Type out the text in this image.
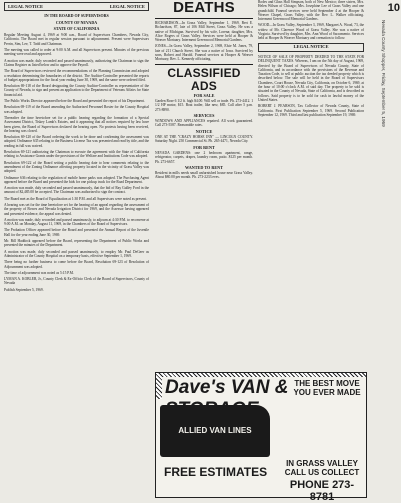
LEGAL NOTICE	LEGAL NOTICE
IN THE BOARD OF SUPERVISORS
COUNTY OF NEVADA
STATE OF CALIFORNIA

Regular Meeting August 4, 1969 at 9:00 a.m., Board of Supervisors Chambers, Nevada City, California. The Board met in regular session pursuant to adjournment. Present were Supervisors Perrin, Sim, Lee, T. Todd and Chairman.

The meeting was called to order at 9:00 A.M. and all Supervisors present. Minutes of the previous meeting were read and approved.

A motion was made, duly seconded and passed unanimously, authorizing the Chairman to sign the Claims Register as listed below and to approve the Payroll.

The Board of Supervisors reviewed the recommendations of the Planning Commission and adopted a resolution determining the boundaries of the district. The Auditor-Controller presented the reports of budget appropriations for the fiscal year ending June 30, 1969, and the same were ordered filed.

Resolution 69-118 of the Board designating the County Auditor-Controller as representative of the County of Nevada, to sign and present an application to the Department of Veterans Affairs for State financial aid.

The Public Works Director appeared before the Board and presented the report of his Department.

Resolution 69-119 of the Board amending the Authorized Personnel Roster for the County Hospital was adopted.

Thereafter the time heretofore set for a public hearing regarding the formation of a Special Assessment District, Tiskey Lamb's Estates, and it appearing that all notices required by law have been given, the Board of Supervisors declared the hearing open. No protests having been received, the hearing was closed.

Resolution 69-120 of the Board ordering the work to be done and confirming the assessment was adopted. Ordinance 635 relating to the Business License Tax was presented and read by title, and the reading in full was waived.

Resolution 69-121 authorizing the Chairman to execute the agreement with the State of California relating to Assistance Grants under the provisions of the Welfare and Institutions Code was adopted.

Resolution 69-122 of the Board setting a public hearing date to hear comments relating to the amendment of the Zoning Ordinance affecting property located in the vicinity of Grass Valley was adopted.

Ordinance 636 relating to the regulation of mobile home parks was adopted. The Purchasing Agent appeared before the Board and presented the bids for one pickup truck for the Road Department.

A motion was made, duly seconded and passed unanimously, that the bid of Ray Gulley Ford in the amount of $2,485.00 be accepted. The Chairman was authorized to sign the contract.

The Board met as the Board of Equalization at 1:30 P.M. and all Supervisors were noted as present.

A hearing was set for the time heretofore set for the hearing of an appeal regarding the assessment of the property of Bowes and Nevada Irrigation District for 1969, and the Assessor having appeared and presented evidence, the appeal was denied.

A motion was made, duly seconded and passed unanimously, to adjourn at 4:30 P.M. to reconvene at 9:00 A.M. on Monday, August 11, 1969, in the Chambers of the Board of Supervisors.

The Probation Officer appeared before the Board and presented the Annual Report of the Juvenile Hall for the year ending June 30, 1969.

Mr. Bill Haddock appeared before the Board, representing the Department of Public Works and presented the minutes of the Department.

A motion was made, duly seconded and passed unanimously, to employ Mr. Paul DeGeer as Administrator of the County Hospital on a temporary basis, effective September 1, 1969.

There being no further business to come before the Board, Resolution 69-123 of Resolution of Adjournment was adopted.

The time of adjournment was noted as 5:15 P.M.

LYMAN A. KOBLER, Jr., County Clerk & Ex-Officio Clerk of the Board of Supervisors, County of Nevada

Publish September 5, 1969.

DEATHS

RICHARDSON—In Grass Valley, September 1, 1969, Bert E. Richardson, 87, late of 106 Mill Street, Grass Valley. He was a native of Michigan. Survived by his wife, Lorena; daughter, Mrs. Alice Rogers of Grass Valley. Services were held at Hooper & Weaver Mortuary. Interment Greenwood Memorial Gardens.

JONES—In Grass Valley, September 2, 1969, Elsie M. Jones, 79, late of 211 Church Street. She was a native of Iowa. Survived by sons, Robert and Harold. Funeral services at Hooper & Weaver Mortuary, Rev. L. Kennedy officiating.

CLASSIFIED ADS
FOR SALE

Garden Rose 6 1/2 ft. high $4.00. Will sell or trade. Ph. 273-4412. 1 1/2 HP motor, $15. Boat trailer, like new, $85. Call after 5 p.m. 273-8890.

SERVICES

WINDOWS AND APPLIANCES repaired. All work guaranteed. Call 273-5587. Reasonable rates.

NOTICE

ONE AT THE "CRAZY HORSE INN" — LINCOLN COUNTY. Saturday Night. 250 Commercial St. Ph. 265-4471, Nevada City.

FOR RENT

NEVADA GARDENS: one 2 bedroom apartment, range, refrigerator, carpets, drapes, laundry room, patio. $125 per month. Ph. 273-6657.

WANTED TO RENT

Resident in mills needs small unfurnished house near Grass Valley. About $80.00 per month. Ph. 273-2233 eves.

Rodes and Glass Hall Simpson, both of New Mexico; three sisters, Mrs. Helen Wilson of Chicago; Mrs. Josephine Lee of Grass Valley and one grandchild. Funeral services were held September 4 at the Hooper & Weaver Chapel, Grass Valley, with the Rev. L. Walker officiating. Interment Greenwood Memorial Gardens.

WOOD—In Grass Valley, September 3, 1969, Margaret A. Wood, 73, the widow of Mr. Clarence Wood of Grass Valley. She was a native of Virginia. Survived by daughter, Mrs. Ann Wood of Sacramento. Services held at Hooper & Weaver Mortuary and cremation to follow.

LEGAL NOTICE

NOTICE OF SALE OF PROPERTY DEEDED TO THE STATE FOR DELINQUENT TAXES. Whereas, I am on the 5th day of August, 1969, directed by the Board of Supervisors of Nevada County, State of California, and in accordance with the provisions of the Revenue and Taxation Code, to sell at public auction the tax deeded property which is described below. The sale will be held in the Board of Supervisors Chambers, Court House, Nevada City, California, on October 6, 1969, at the hour of 10:00 o'clock A.M. of said day. The property to be sold is situated in the County of Nevada, State of California, and is described as follows. Said property is to be sold for cash in lawful money of the United States.

ROBERT J. PEARSON, Tax Collector of Nevada County, State of California. First Publication September 5, 1969. Second Publication September 12, 1969. Third and last publication September 19, 1969.

10
Nevada County Shopper, Friday, September 5, 1969
Dave's VAN & THE BEST MOVE YOU EVER MADE
ALLIED VAN LINES
FREE ESTIMATES
IN GRASS VALLEY CALL US COLLECT
PHONE 273-8781
